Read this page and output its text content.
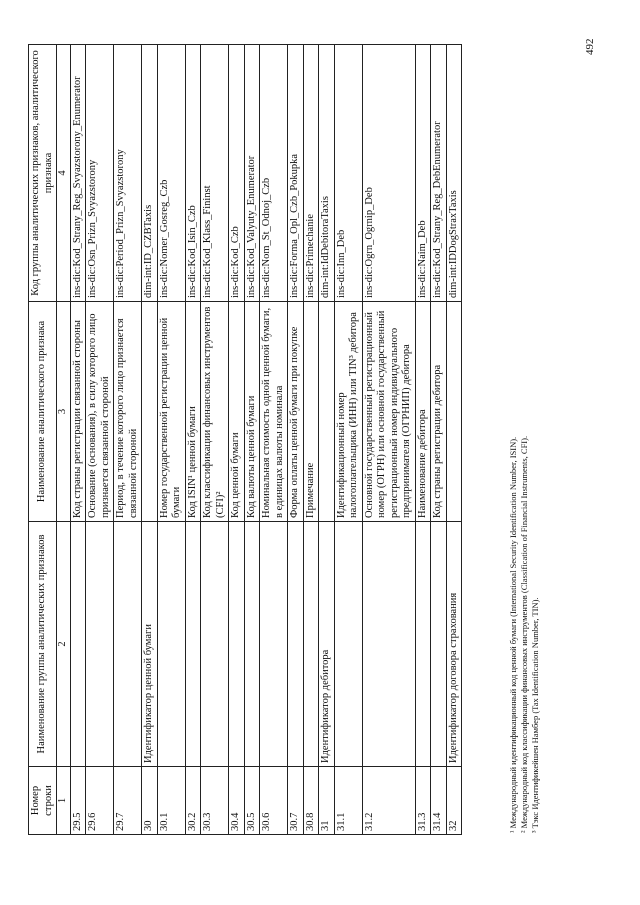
Номер строки	Наименование группы аналитических признаков	Наименование аналитического признака	Код группы аналитических признаков, аналитического признака
1	2	3	4
29.5		Код страны регистрации связанной стороны	ins-dic:Kod_Strany_Reg_Svyazstorony_Enumerator
29.6		Основание (основания), в силу которого лицо признается связанной стороной	ins-dic:Osn_Prizn_Svyazstorony
29.7		Период, в течение которого лицо признается связанной стороной	ins-dic:Period_Prizn_Svyazstorony
30	Идентификатор ценной бумаги		dim-int:ID_CZBTaxis
30.1		Номер государственной регистрации ценной бумаги	ins-dic:Nomer_Gosreg_Czb
30.2		Код ISIN¹ ценной бумаги	ins-dic:Kod_Isin_Czb
30.3		Код классификации финансовых инструментов (CFI)²	ins-dic:Kod_Klass_Fininst
30.4		Код ценной бумаги	ins-dic:Kod_Czb
30.5		Код валюты ценной бумаги	ins-dic:Kod_Valyuty_Enumerator
30.6		Номинальная стоимость одной ценной бумаги, в единицах валюты номинала	ins-dic:Nom_St_Odnoj_Czb
30.7		Форма оплаты ценной бумаги при покупке	ins-dic:Forma_Opl_Czb_Pokupka
30.8		Примечание	ins-dic:Primechanie
31	Идентификатор дебитора		dim-int:IdDebitoraTaxis
31.1		Идентификационный номер налогоплательщика (ИНН) или TIN³ дебитора	ins-dic:Inn_Deb
31.2		Основной государственный регистрационный номер (ОГРН) или основной государственный регистрационный номер индивидуального предпринимателя (ОГРНИП) дебитора	ins-dic:Ogrn_Ogrnip_Deb
31.3		Наименование дебитора	ins-dic:Naim_Deb
31.4		Код страны регистрации дебитора	ins-dic:Kod_Strany_Reg_DebEnumerator
32	Идентификатор договора страхования		dim-int:IDDogStraxTaxis
¹ Международный идентификационный код ценной бумаги (International Security Identification Number, ISIN). ² Международный код классификации финансовых инструментов (Classification of Financial Instruments, CFI). ³ Тэкс Идентификейшен Намбер (Tax Identification Number, TIN).
492
